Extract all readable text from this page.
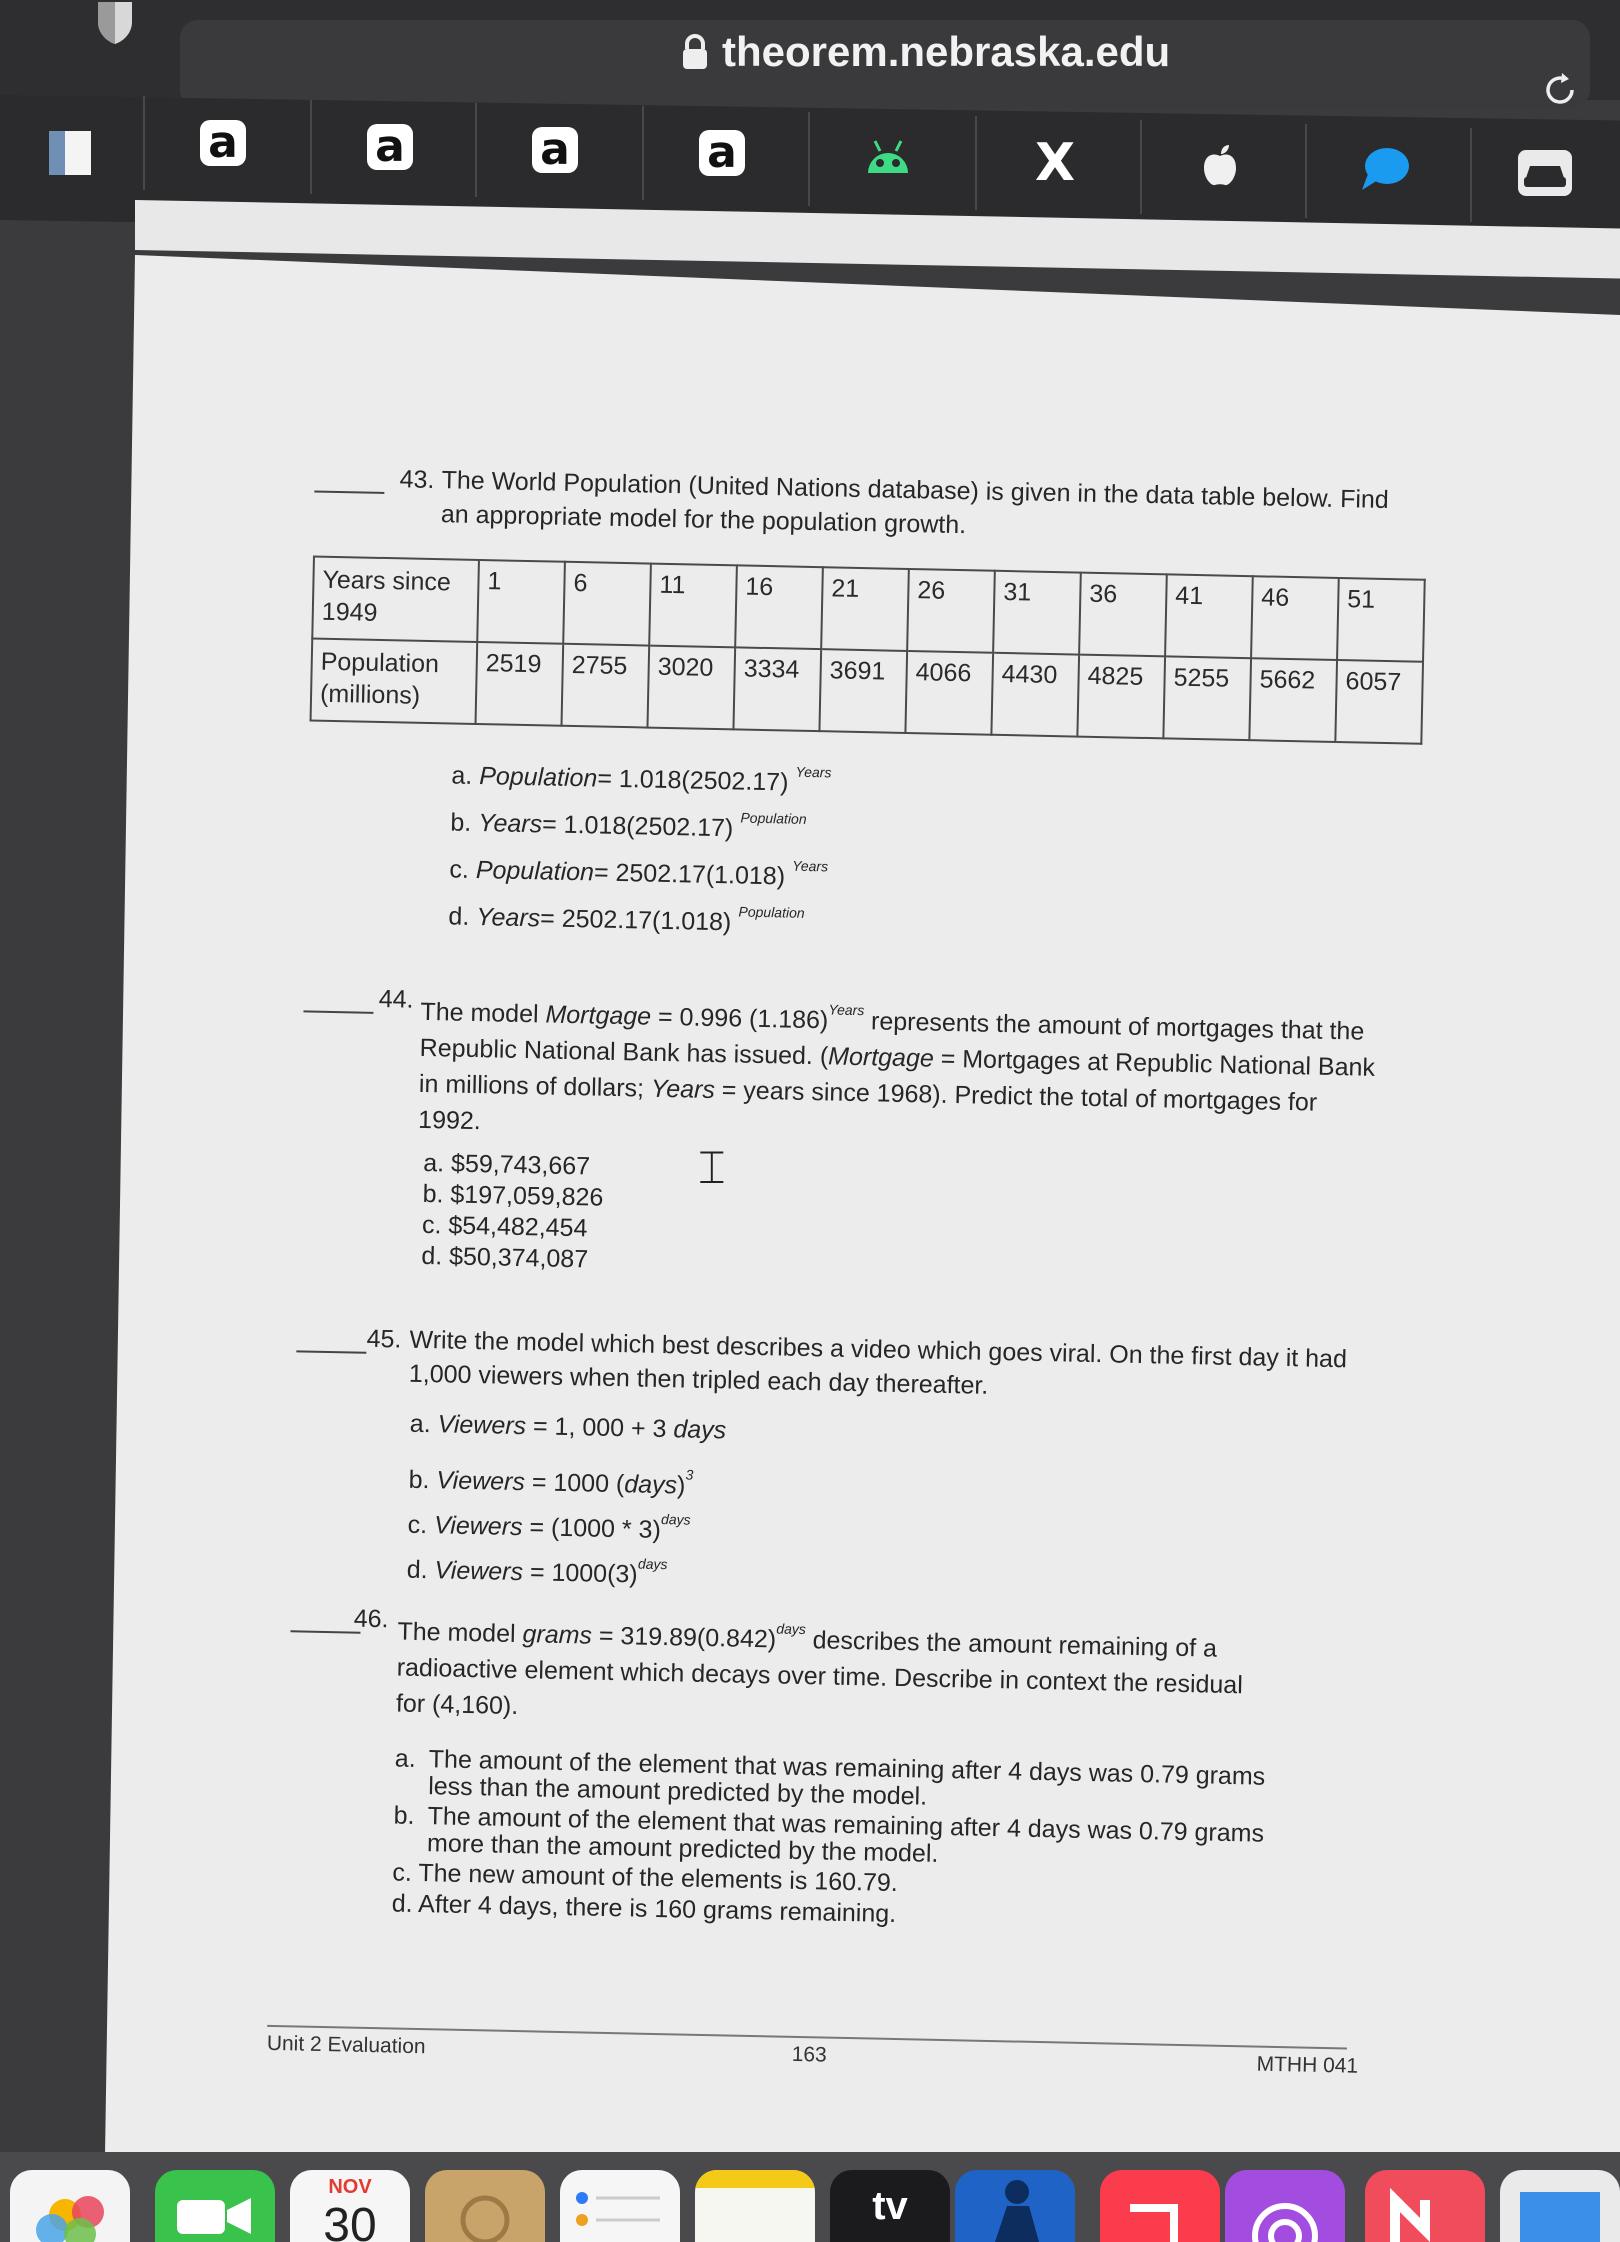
theorem.nebraska.edu
a	a	a	a	X
43. The World Population (United Nations database) is given in the data table below. Find an appropriate model for the population growth.
Years since 1949	1	6	11	16	21	26	31	36	41	46	51
Population (millions)	2519	2755	3020	3334	3691	4066	4430	4825	5255	5662	6057
a. Population= 1.018(2502.17) $^{Years}$
b. Years= 1.018(2502.17) $^{Population}$
c. Population= 2502.17(1.018) $^{Years}$
d. Years= 2502.17(1.018) $^{Population}$
44. The model Mortgage = 0.996 $(1.186)^{Years}$ represents the amount of mortgages that the Republic National Bank has issued. (Mortgage = Mortgages at Republic National Bank in millions of dollars; Years = years since 1968). Predict the total of mortgages for 1992.
a. $59,743,667
b. $197,059,826
c. $54,482,454
d. $50,374,087
45. Write the model which best describes a video which goes viral. On the first day it had 1,000 viewers when then tripled each day thereafter.
a. Viewers = 1, 000 + 3 days
b. Viewers = 1000 (days)$^3$
c. Viewers = (1000 * 3)$^{days}$
d. Viewers = $1000(3)^{days}$
46. The model grams = $319.89(0.842)^{days}$ describes the amount remaining of a radioactive element which decays over time. Describe in context the residual for (4,160).
a. The amount of the element that was remaining after 4 days was 0.79 grams less than the amount predicted by the model.
b. The amount of the element that was remaining after 4 days was 0.79 grams more than the amount predicted by the model.
c. The new amount of the elements is 160.79.
d. After 4 days, there is 160 grams remaining.
Unit 2 Evaluation	163	MTHH 041
⌶
NOV
30	tv
